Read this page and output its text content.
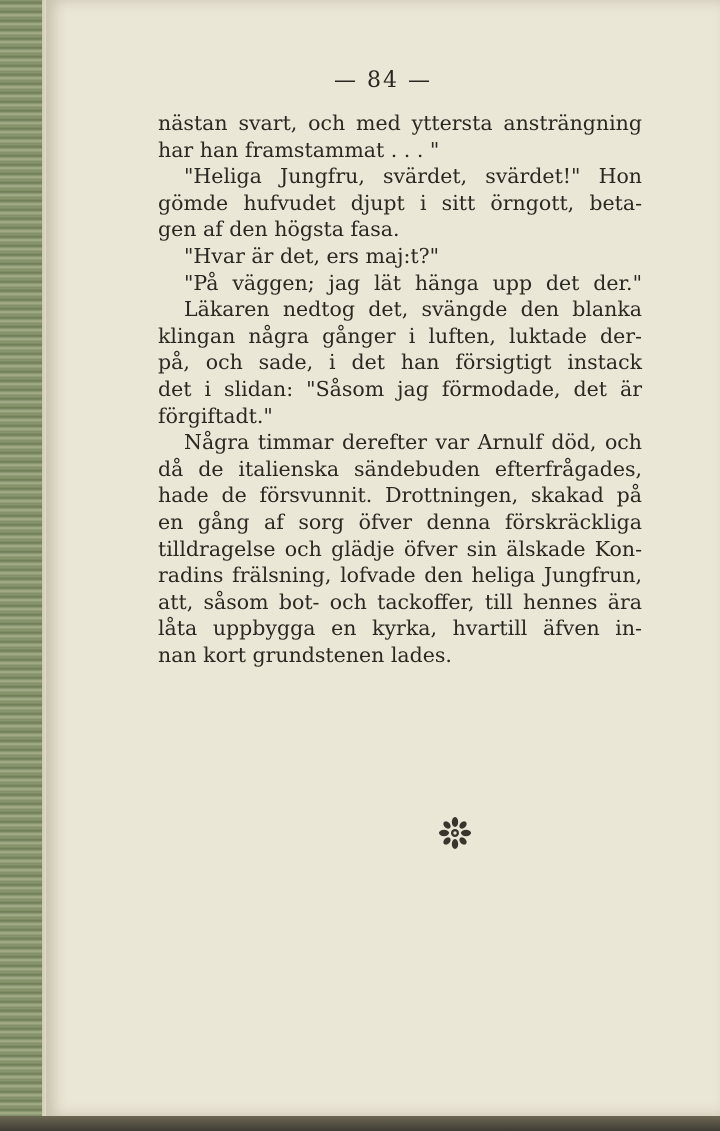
— 84 —
nästan svart, och med yttersta ansträngning
har han framstammat . . . "
"Heliga Jungfru, svärdet, svärdet!" Hon
gömde hufvudet djupt i sitt örngott, beta-
gen af den högsta fasa.
"Hvar är det, ers maj:t?"
"På väggen; jag lät hänga upp det der."
Läkaren nedtog det, svängde den blanka
klingan några gånger i luften, luktade der-
på, och sade, i det han försigtigt instack
det i slidan: "Såsom jag förmodade, det är
förgiftadt."
Några timmar derefter var Arnulf död, och
då de italienska sändebuden efterfrågades,
hade de försvunnit. Drottningen, skakad på
en gång af sorg öfver denna förskräckliga
tilldragelse och glädje öfver sin älskade Kon-
radins frälsning, lofvade den heliga Jungfrun,
att, såsom bot- och tackoffer, till hennes ära
låta uppbygga en kyrka, hvartill äfven in-
nan kort grundstenen lades.
